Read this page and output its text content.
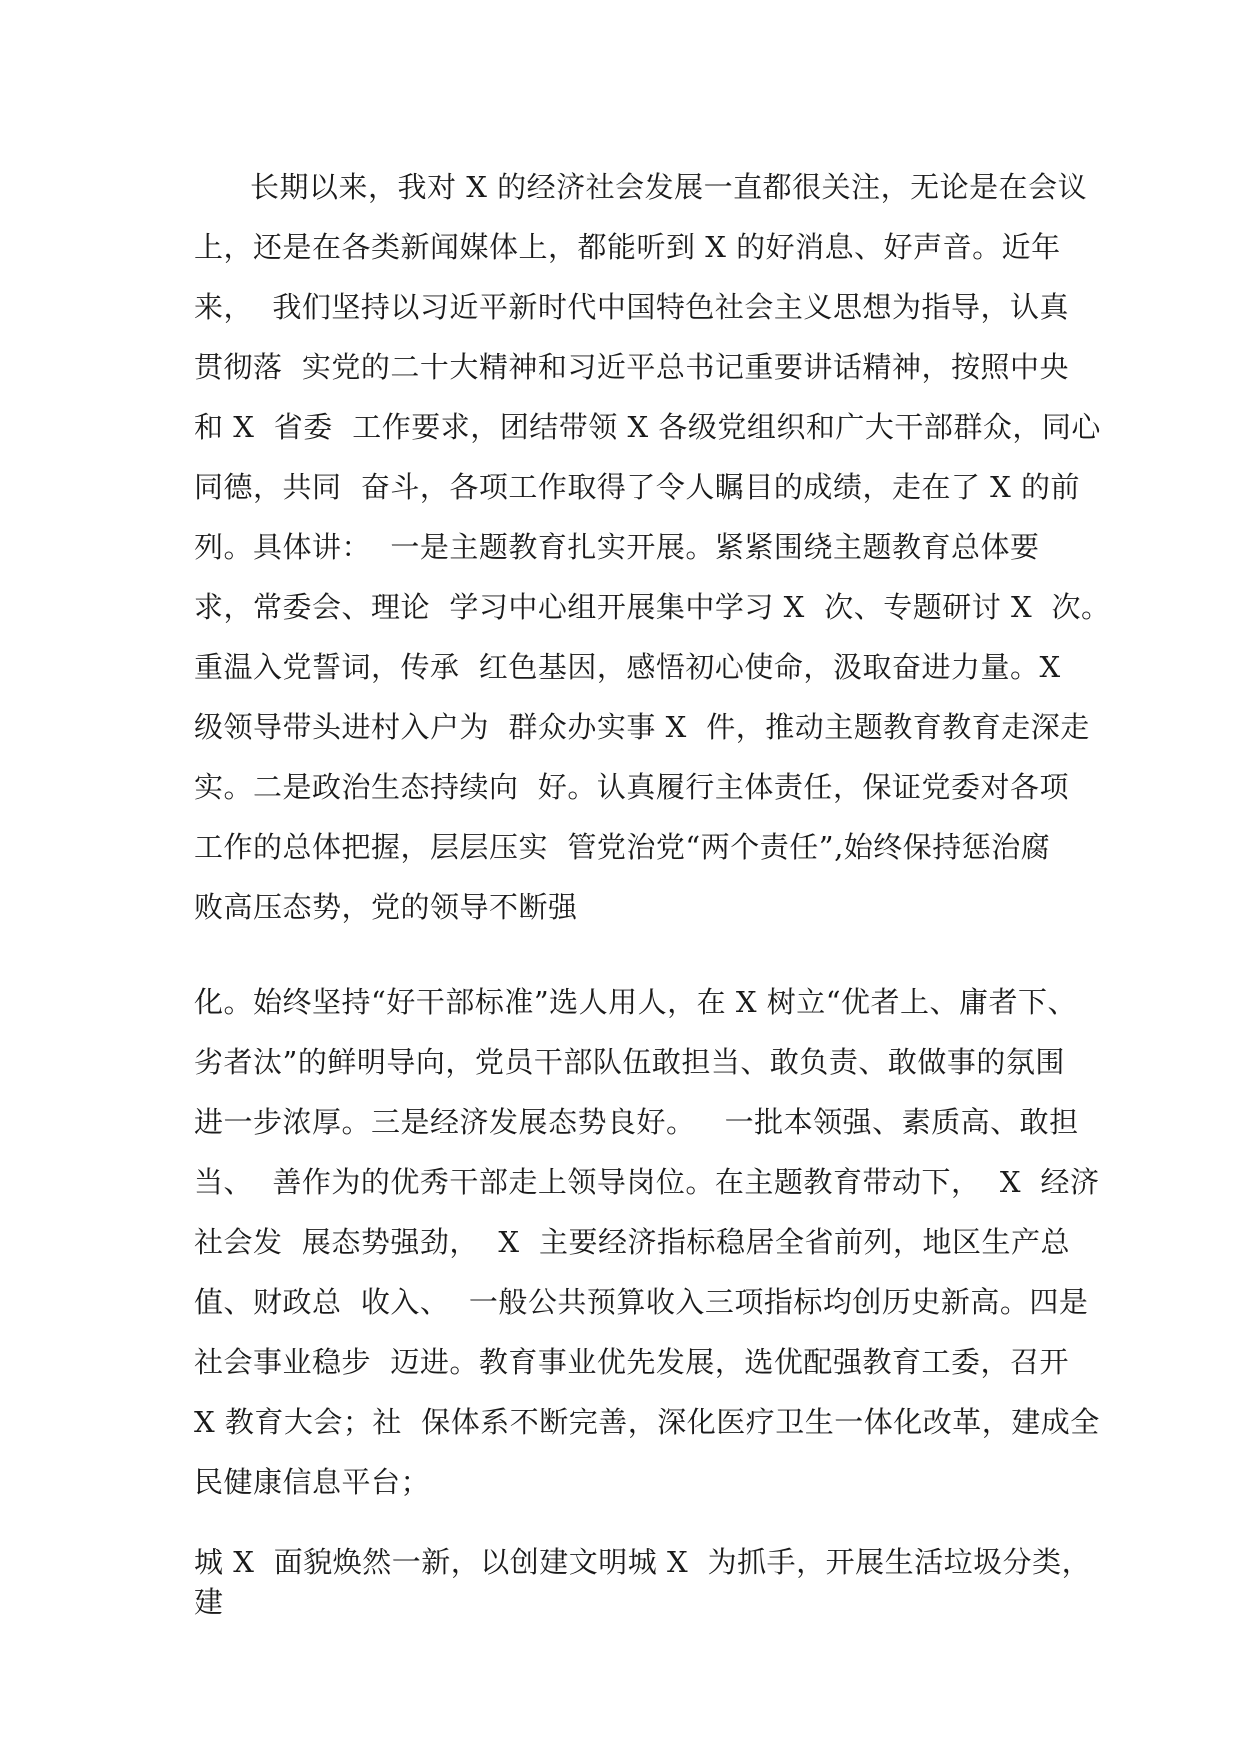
长期以来，我对 X 的经济社会发展一直都很关注，无论是在会议
上，还是在各类新闻媒体上，都能听到 X 的好消息、好声音。近年
来，  我们坚持以习近平新时代中国特色社会主义思想为指导，认真
贯彻落  实党的二十大精神和习近平总书记重要讲话精神，按照中央
和 X  省委  工作要求，团结带领 X 各级党组织和广大干部群众，同心
同德，共同  奋斗，各项工作取得了令人瞩目的成绩，走在了 X 的前
列。具体讲：  一是主题教育扎实开展。紧紧围绕主题教育总体要
求，常委会、理论  学习中心组开展集中学习 X  次、专题研讨 X  次。
重温入党誓词，传承  红色基因，感悟初心使命，汲取奋进力量。X
级领导带头进村入户为  群众办实事 X  件，推动主题教育教育走深走
实。二是政治生态持续向  好。认真履行主体责任，保证党委对各项
工作的总体把握，层层压实  管党治党“两个责任”,始终保持惩治腐
败高压态势，党的领导不断强
化。始终坚持“好干部标准”选人用人，在 X 树立“优者上、庸者下、
劣者汰”的鲜明导向，党员干部队伍敢担当、敢负责、敢做事的氛围
进一步浓厚。三是经济发展态势良好。   一批本领强、素质高、敢担
当、  善作为的优秀干部走上领导岗位。在主题教育带动下，  X  经济
社会发  展态势强劲，  X  主要经济指标稳居全省前列，地区生产总
值、财政总  收入、  一般公共预算收入三项指标均创历史新高。四是
社会事业稳步  迈进。教育事业优先发展，选优配强教育工委，召开
X 教育大会；社  保体系不断完善，深化医疗卫生一体化改革，建成全
民健康信息平台；
城 X  面貌焕然一新，以创建文明城 X  为抓手，开展生活垃圾分类，
建
